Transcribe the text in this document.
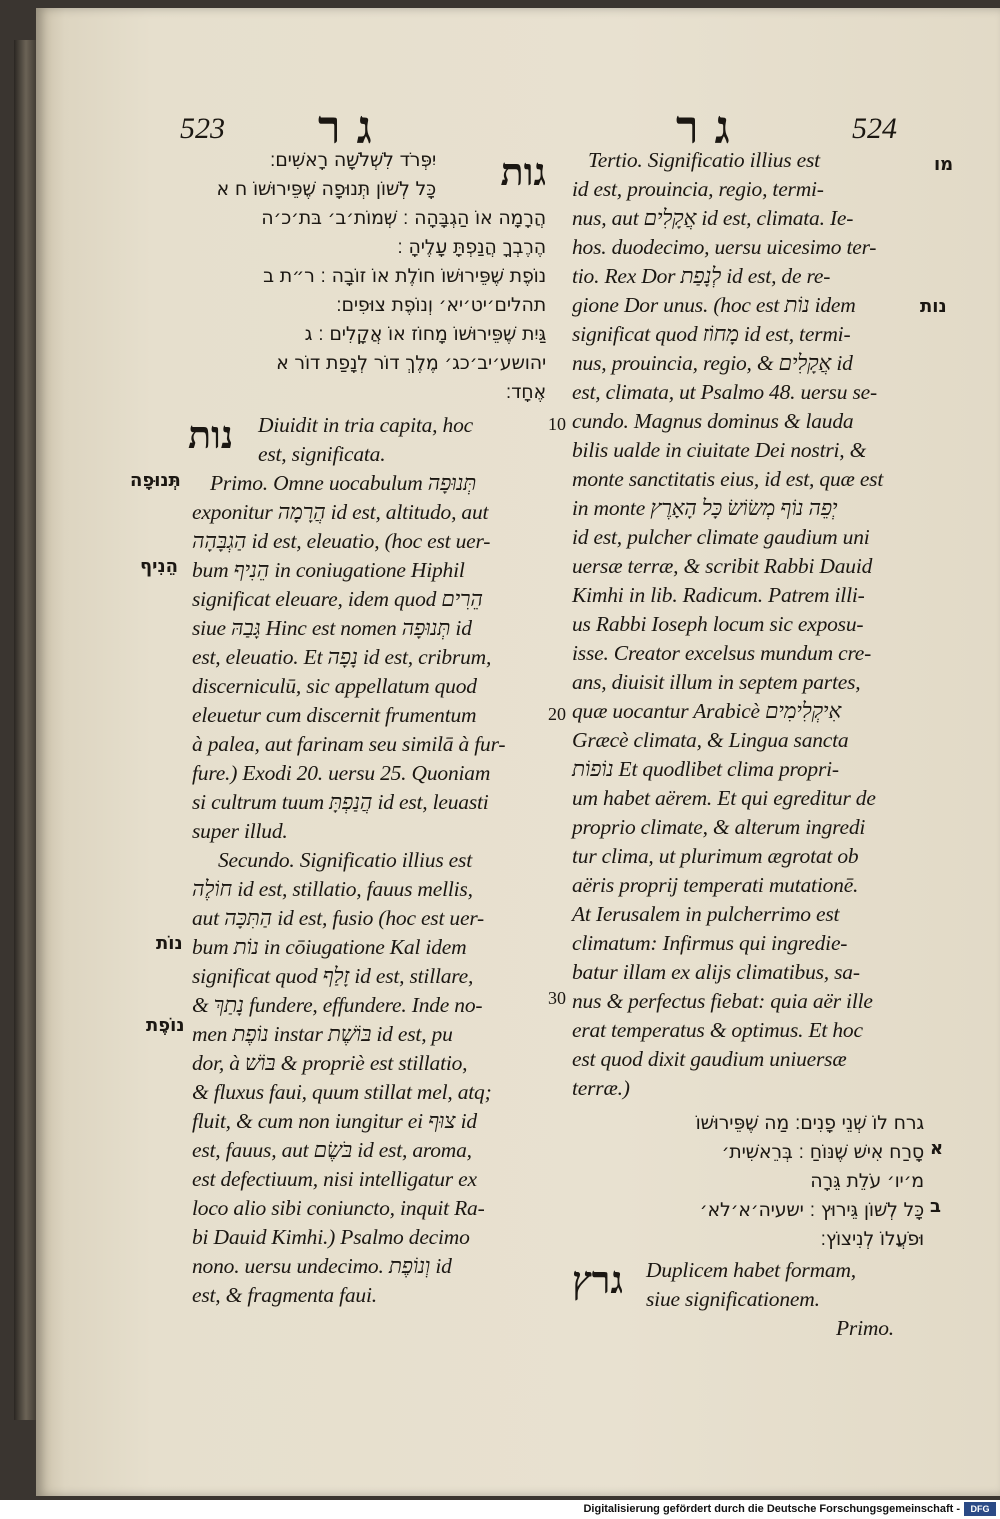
523 ג ר	ג ר	524
גות
יִפְּרֹד לִשְׁלֹשָׁה רָאשִׁים׃
כָּל לְשׁוֹן תְּנוּפָה שֶׁפֵּירוּשׁוֹ ח א
הֲרָמָה אוֹ הַגְבָּהָה ׃ שְׁמוֹת׳ב׳ בּת׳כ׳ה
הֶרֶבְךָ הֲנַפְתָּ עָלֶיהָ ׃
נוֹפֶת שֶׁפֵּירוּשׁוֹ חוֹלֶת אוֹ זוֹבָה ׃ ר״ת ב
תהלים׳יט׳יא׳ וְנוֹפֶת צוּפִים׃
גַּיִת שֶׁפֵּירוּשׁוֹ מָחוֹז אוֹ אֲקָלִים ׃ ג
יהושע׳יב׳כג׳ מֶלֶךְ דוֹר לְנָפַת דוֹר א
אֶחָד׃
נות	Diuidit in tria capita, hoc
est, significata.
Primo. Omne uocabulum תְּנוּפָה
exponitur הֲרָמָה id est, altitudo, aut
הַגְבָּהָה id est, eleuatio, (hoc est uer-
bum הֵנִיף in coniugatione Hiphil
significat eleuare, idem quod הֵרִים
siue גָּבַהּ Hinc est nomen תְּנוּפָה id
est, eleuatio. Et נָפָה id est, cribrum,
discerniculū, sic appellatum quod
eleuetur cum discernit frumentum
à palea, aut farinam seu similā à fur-
fure.) Exodi 20. uersu 25. Quoniam
si cultrum tuum הֲנַפְתָּ id est, leuasti
super illud.
Secundo. Significatio illius est
חוֹלֶה id est, stillatio, fauus mellis,
aut הַתִּכָּה id est, fusio (hoc est uer-
bum נוֹת in cōiugatione Kal idem
significat quod זָלַף id est, stillare,
& נָתַךְ fundere, effundere. Inde no-
men נוֹפֶת instar בּוֹשֶׁת id est, pu
dor, à בּוֹשׁ & propriè est stillatio,
& fluxus faui, quum stillat mel, atq;
fluit, & cum non iungitur ei צוּף id
est, fauus, aut בֹּשֶׂם id est, aroma,
est defectiuum, nisi intelligatur ex
loco alio sibi coniuncto, inquit Ra-
bi Dauid Kimhi.) Psalmo decimo
nono. uersu undecimo. וְנוֹפֶת id
est, & fragmenta faui.
תְּנוּפָה
הֵנִיף
נוֹת
נוֹפֶת
10
20
30
Tertio. Significatio illius est
id est, prouincia, regio, termi-
nus, aut אֲקָלִים id est, climata. Ie-
hos. duodecimo, uersu uicesimo ter-
tio. Rex Dor לְנָפַת id est, de re-
gione Dor unus. (hoc est נוֹת idem
significat quod מָחוֹז id est, termi-
nus, prouincia, regio, & אֲקָלִים id
est, climata, ut Psalmo 48. uersu se-
cundo. Magnus dominus & lauda
bilis ualde in ciuitate Dei nostri, &
monte sanctitatis eius, id est, quæ est
in monte יְפֵה נוֹף מְשׂוֹשׂ כָּל הָאָרֶץ
id est, pulcher climate gaudium uni
uersæ terræ, & scribit Rabbi Dauid
Kimhi in lib. Radicum. Patrem illi-
us Rabbi Ioseph locum sic exposu-
isse. Creator excelsus mundum cre-
ans, diuisit illum in septem partes,
quæ uocantur Arabicè אִיקְלִימִים
Græcè climata, & Lingua sancta
נוֹפוֹת Et quodlibet clima propri-
um habet aërem. Et qui egreditur de
proprio climate, & alterum ingredi
tur clima, ut plurimum ægrotat ob
aëris proprij temperati mutationē.
At Ierusalem in pulcherrimo est
climatum: Infirmus qui ingredie-
batur illam ex alijs climatibus, sa-
nus & perfectus fiebat: quia aër ille
erat temperatus & optimus. Et hoc
est quod dixit gaudium uniuersæ
terræ.)
גרח לוֹ שְׁנֵי פָנִים׃ מַה שֶׁפֵּירוּשׁוֹ
סָרַח אִישׁ שֶׁנּוֹחַ ׃ בְּרֵאשִׁית׳
מ׳יו׳ עֹלֵת גֵּרָה
כָּל לְשׁוֹן גֵּירוּץ ׃ ישעיה׳א׳לא׳
וּפֹעֲלוֹ לְנִיצוֹץ׃
גרץ	Duplicem habet formam,
siue significationem.
Primo.
מו
נות
א
ב
Digitalisierung gefördert durch die Deutsche Forschungsgemeinschaft -	DFG
